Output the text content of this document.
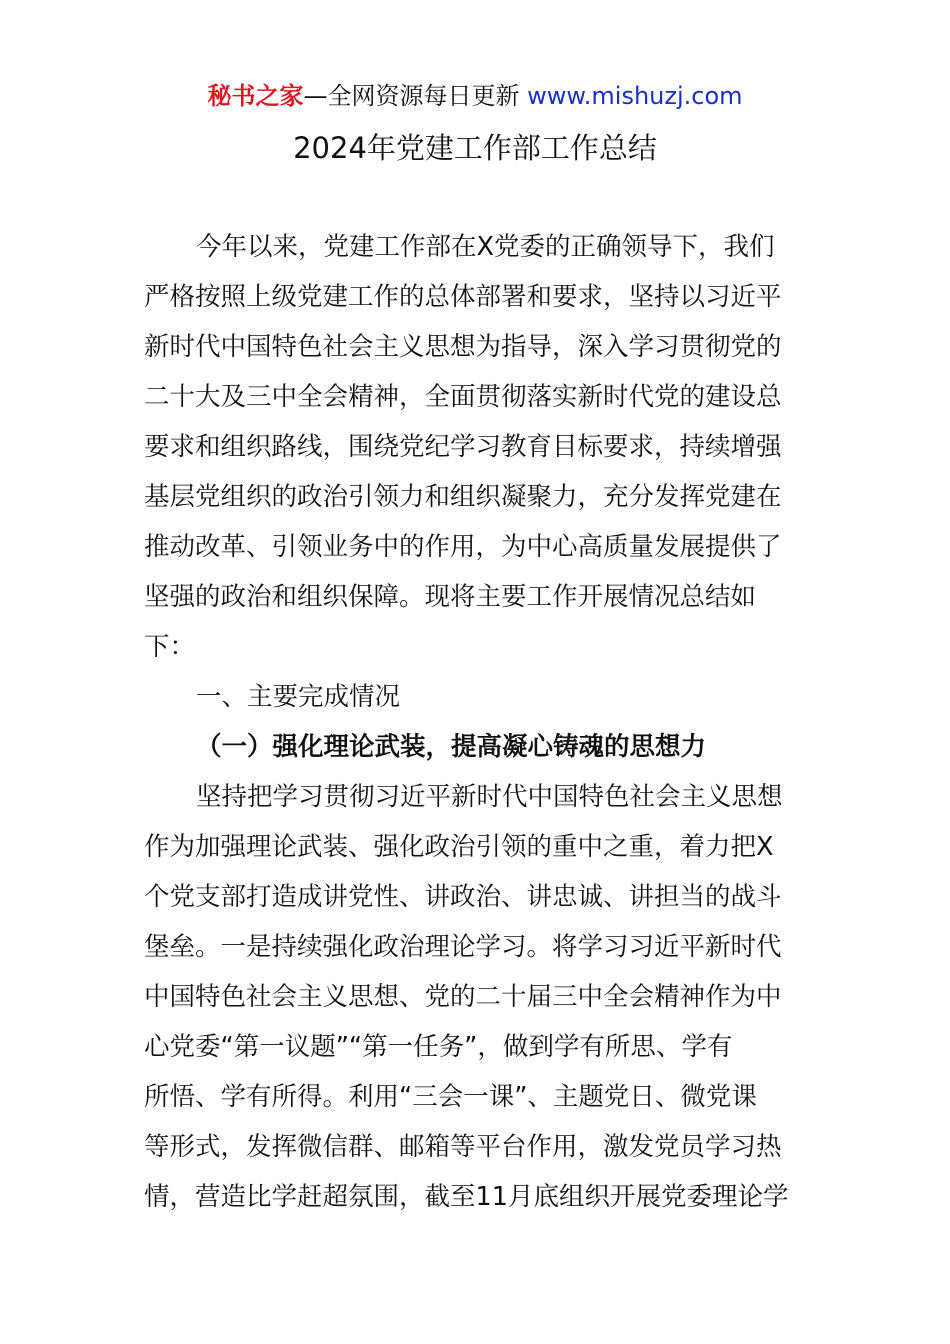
秘书之家—全网资源每日更新 www.mishuzj.com
2024年党建工作部工作总结
今年以来，党建工作部在X党委的正确领导下，我们
严格按照上级党建工作的总体部署和要求，坚持以习近平
新时代中国特色社会主义思想为指导，深入学习贯彻党的
二十大及三中全会精神，全面贯彻落实新时代党的建设总
要求和组织路线，围绕党纪学习教育目标要求，持续增强
基层党组织的政治引领力和组织凝聚力，充分发挥党建在
推动改革、引领业务中的作用，为中心高质量发展提供了
坚强的政治和组织保障。现将主要工作开展情况总结如
下：
一、主要完成情况
（一）强化理论武装，提高凝心铸魂的思想力
坚持把学习贯彻习近平新时代中国特色社会主义思想
作为加强理论武装、强化政治引领的重中之重，着力把X
个党支部打造成讲党性、讲政治、讲忠诚、讲担当的战斗
堡垒。一是持续强化政治理论学习。将学习习近平新时代
中国特色社会主义思想、党的二十届三中全会精神作为中
心党委“第一议题”“第一任务”，做到学有所思、学有
所悟、学有所得。利用“三会一课”、主题党日、微党课
等形式，发挥微信群、邮箱等平台作用，激发党员学习热
情，营造比学赶超氛围，截至11月底组织开展党委理论学
